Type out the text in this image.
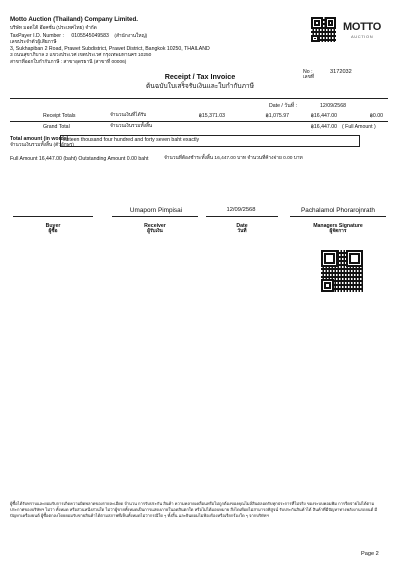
Motto Auction (Thailand) Company Limited.
บริษัท มอตโต้ อ๊อคชั่น (ประเทศไทย) จำกัด
TaxPayer I.D. Number : 0105545049583 (สำนักงานใหญ่)
เลขประจำตัวผู้เสียภาษี
3, Sukhapiban 2 Road, Prawet Subdistrict, Prawet District, Bangkok 10250, THAILAND
3 ถนนสุขาภิบาล 2 แขวงประเวศ เขตประเวศ กรุงเทพมหานคร 10250
สาขาที่ออกใบกำกับภาษี : สาขาอุดรธานี (สาขาที่ 00006)
MOTTO
AUCTION
Receipt / Tax Invoice
ต้นฉบับใบเสร็จรับเงินและใบกำกับภาษี
No :
เลขที่
3172032
Date / วันที่ :	12/09/2568
Receipt Totals	จำนวนเงินที่ได้รับ	฿15,371.03	฿1,075.97	฿16,447.00	฿0.00
Grand Total	จำนวนเงินรวมทั้งสิ้น	฿16,447.00 ( Full Amount )
Total amount (in words)
จำนวนเงินรวมทั้งสิ้น (ตัวอักษร)
sixteen thousand four hundred and forty seven baht exactly
Full Amount 16,447.00 (baht) Outstanding Amount 0.00 baht	จำนวนที่ต้องชำระทั้งสิ้น 16,447.00 บาท จำนวนที่ค้างจ่าย 0.00 บาท
Umaporn Pimpisai	12/09/2568	Pachalamol Phorarojnrath
Buyer
ผู้ซื้อ
Receiver
ผู้รับเงิน
Date
วันที่
Managers Signature
ผู้จัดการ
ผู้ซื้อได้รับทราบและยอมรับการเกิดความผิดพลาดของรายละเอียด จำนวน การรับประกัน สินค้า ความคลาดเคลื่อนหรือไม่ถูกต้องของคุณไมล์สินตลอดรับทุกประการที่ไม่จริง ของระบบคอมพิม การรีดจ่ายไม่ได้ตามประกาศของบริษัทฯ ไม่ว่า ทั้งหมด หรือส่วนหนึ่งส่วนใด ไม่ว่าผู้ขายทั้งหมดเป็นการแสดงภายในอดสินตกใด หรือไม่ได้มอบหมาย สิ่งไดเหือยไม่สามารถพิสูจน์ รับประกันสินค้าได้ สินค้าที่มีปัญหาทางพลังงานรถยนต์ มีปัญหาเครื่องยนต์ ผู้ซื้อตกลงโดยยอมรับขายสินค้าได้ตามสภาพที่เห็นทั้งหมดไม่ว่ากรณีใด ๆ ทั้งสิ้น และยินยอมไม่ฟ้องร้องหรือเรียกร้องใด ๆ จากบริษัทฯ
Page 2
